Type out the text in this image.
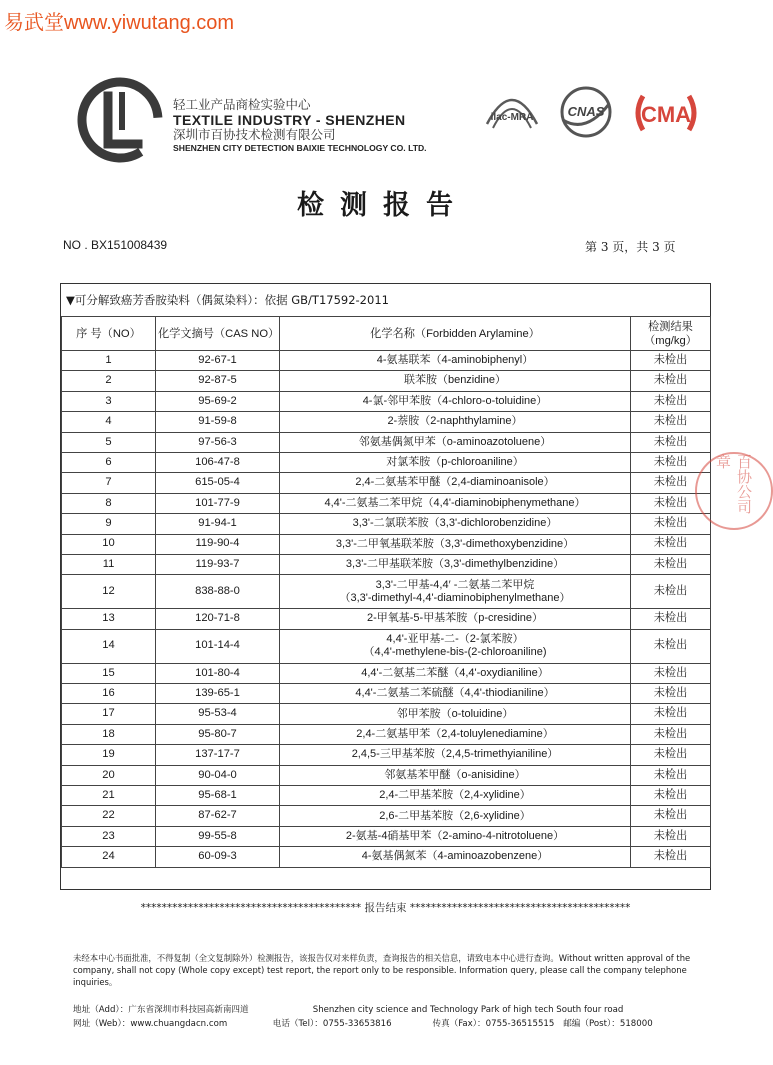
易武堂www.yiwutang.com
轻工业产品商检实验中心
TEXTILE INDUSTRY - SHENZHEN
深圳市百协技术检测有限公司
SHENZHEN CITY DETECTION BAIXIE TECHNOLOGY CO. LTD.
ilac-MRA	CNAS CMA
检测报告
NO . BX151008439	第 3 页，共 3 页
▼可分解致癌芳香胺染料（偶氮染料）：依据 GB/T17592-2011
序 号（NO）	化学文摘号（CAS NO）	化学名称（Forbidden Arylamine）	检测结果
（mg/kg）
1	92-67-1	4-氨基联苯（4-aminobiphenyl）	未检出
2	92-87-5	联苯胺（benzidine）	未检出
3	95-69-2	4-氯-邻甲苯胺（4-chloro-o-toluidine）	未检出
4	91-59-8	2-萘胺（2-naphthylamine）	未检出
5	97-56-3	邻氨基偶氮甲苯（o-aminoazotoluene）	未检出
6	106-47-8	对氯苯胺（p-chloroaniline）	未检出
7	615-05-4	2,4-二氨基苯甲醚（2,4-diaminoanisole）	未检出
8	101-77-9	4,4'-二氨基二苯甲烷（4,4'-diaminobiphenymethane）	未检出
9	91-94-1	3,3'-二氯联苯胺（3,3'-dichlorobenzidine）	未检出
10	119-90-4	3,3'-二甲氧基联苯胺（3,3'-dimethoxybenzidine）	未检出
11	119-93-7	3,3'-二甲基联苯胺（3,3'-dimethylbenzidine）	未检出
12	838-88-0	3,3'-二甲基-4,4′ -二氨基二苯甲烷
（3,3'-dimethyl-4,4'-diaminobiphenylmethane）	未检出
13	120-71-8	2-甲氧基-5-甲基苯胺（p-cresidine）	未检出
14	101-14-4	4,4'-亚甲基-二-（2-氯苯胺）
（4,4'-methylene-bis-(2-chloroaniline)	未检出
15	101-80-4	4,4'-二氨基二苯醚（4,4'-oxydianiline）	未检出
16	139-65-1	4,4'-二氨基二苯硫醚（4,4'-thiodianiline）	未检出
17	95-53-4	邻甲苯胺（o-toluidine）	未检出
18	95-80-7	2,4-二氨基甲苯（2,4-toluylenediamine）	未检出
19	137-17-7	2,4,5-三甲基苯胺（2,4,5-trimethyianiline）	未检出
20	90-04-0	邻氨基苯甲醚（o-anisidine）	未检出
21	95-68-1	2,4-二甲基苯胺（2,4-xylidine）	未检出
22	87-62-7	2,6-二甲基苯胺（2,6-xylidine）	未检出
23	99-55-8	2-氨基-4硝基甲苯（2-amino-4-nitrotoluene）	未检出
24	60-09-3	4-氨基偶氮苯（4-aminoazobenzene）	未检出
百协公司章
****************************************** 报告结束 ******************************************
未经本中心书面批准，不得复制（全文复制除外）检测报告，该报告仅对来样负责，查询报告的相关信息，请致电本中心进行查询。Without written approval of the company, shall not copy (Whole copy except) test report, the report only to be responsible. Information query, please call the company telephone inquiries。
地址（Add）：广东省深圳市科技园高新南四道	Shenzhen city science and Technology Park of high tech South four road
网址（Web）：www.chuangdacn.com	电话（Tel）：0755-33653816	传真（Fax）：0755-36515515 邮编（Post）：518000
